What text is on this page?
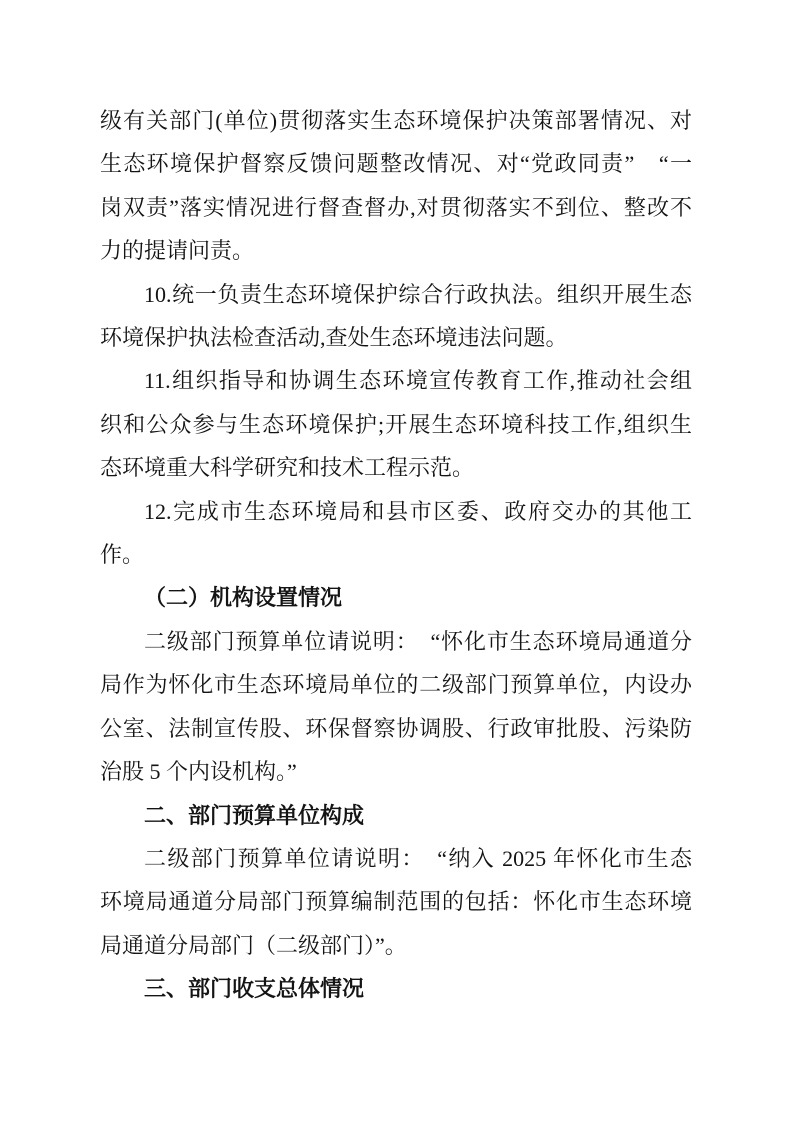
级有关部门(单位)贯彻落实生态环境保护决策部署情况、对
生态环境保护督察反馈问题整改情况、对“党政同责”　“一
岗双责”落实情况进行督查督办,对贯彻落实不到位、整改不
力的提请问责。
10.统一负责生态环境保护综合行政执法。组织开展生态
环境保护执法检查活动,查处生态环境违法问题。
11.组织指导和协调生态环境宣传教育工作,推动社会组
织和公众参与生态环境保护;开展生态环境科技工作,组织生
态环境重大科学研究和技术工程示范。
12.完成市生态环境局和县市区委、政府交办的其他工
作。
（二）机构设置情况
二级部门预算单位请说明：　“怀化市生态环境局通道分
局作为怀化市生态环境局单位的二级部门预算单位，内设办
公室、法制宣传股、环保督察协调股、行政审批股、污染防
治股 5 个内设机构。”
二、部门预算单位构成
二级部门预算单位请说明：　“纳入 2025 年怀化市生态
环境局通道分局部门预算编制范围的包括：怀化市生态环境
局通道分局部门（二级部门）”。
三、部门收支总体情况
